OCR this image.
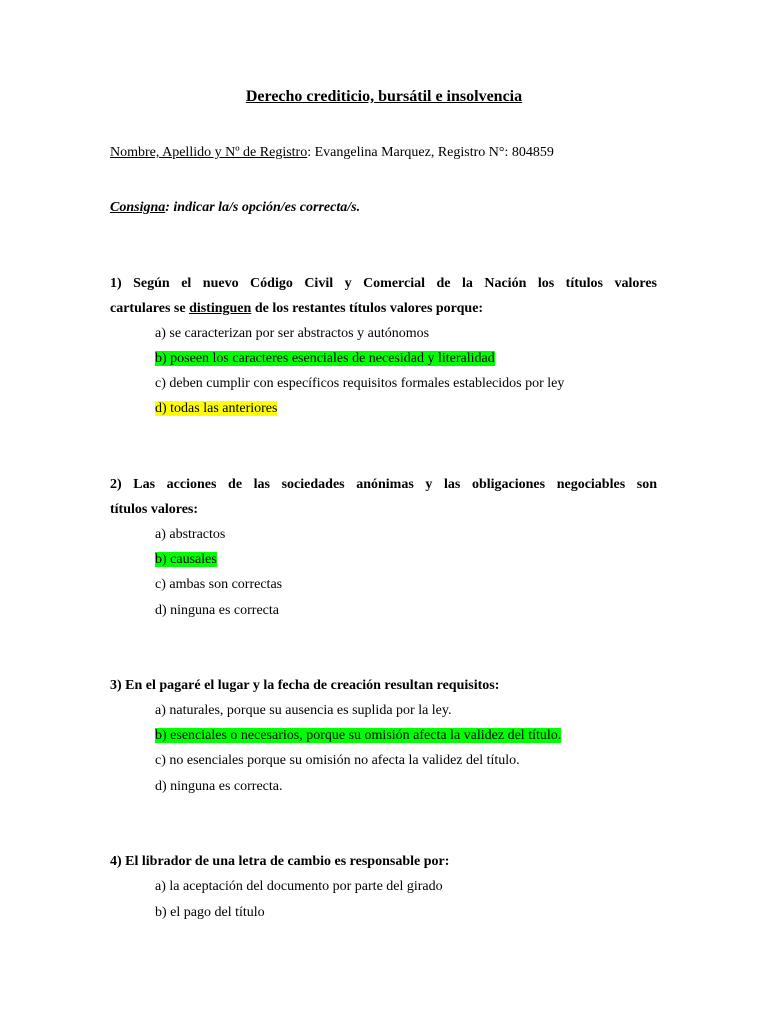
Derecho crediticio, bursátil e insolvencia
Nombre, Apellido y Nº de Registro: Evangelina Marquez, Registro N°: 804859
Consigna: indicar la/s opción/es correcta/s.
1) Según el nuevo Código Civil y Comercial de la Nación los títulos valores
cartulares se distinguen de los restantes títulos valores porque:
a) se caracterizan por ser abstractos y autónomos
b) poseen los caracteres esenciales de necesidad y literalidad
c) deben cumplir con específicos requisitos formales establecidos por ley
d) todas las anteriores
2) Las acciones de las sociedades anónimas y las obligaciones negociables son
títulos valores:
a) abstractos
b) causales
c) ambas son correctas
d) ninguna es correcta
3) En el pagaré el lugar y la fecha de creación resultan requisitos:
a) naturales, porque su ausencia es suplida por la ley.
b) esenciales o necesarios, porque su omisión afecta la validez del título.
c) no esenciales porque su omisión no afecta la validez del título.
d) ninguna es correcta.
4) El librador de una letra de cambio es responsable por:
a) la aceptación del documento por parte del girado
b) el pago del título
